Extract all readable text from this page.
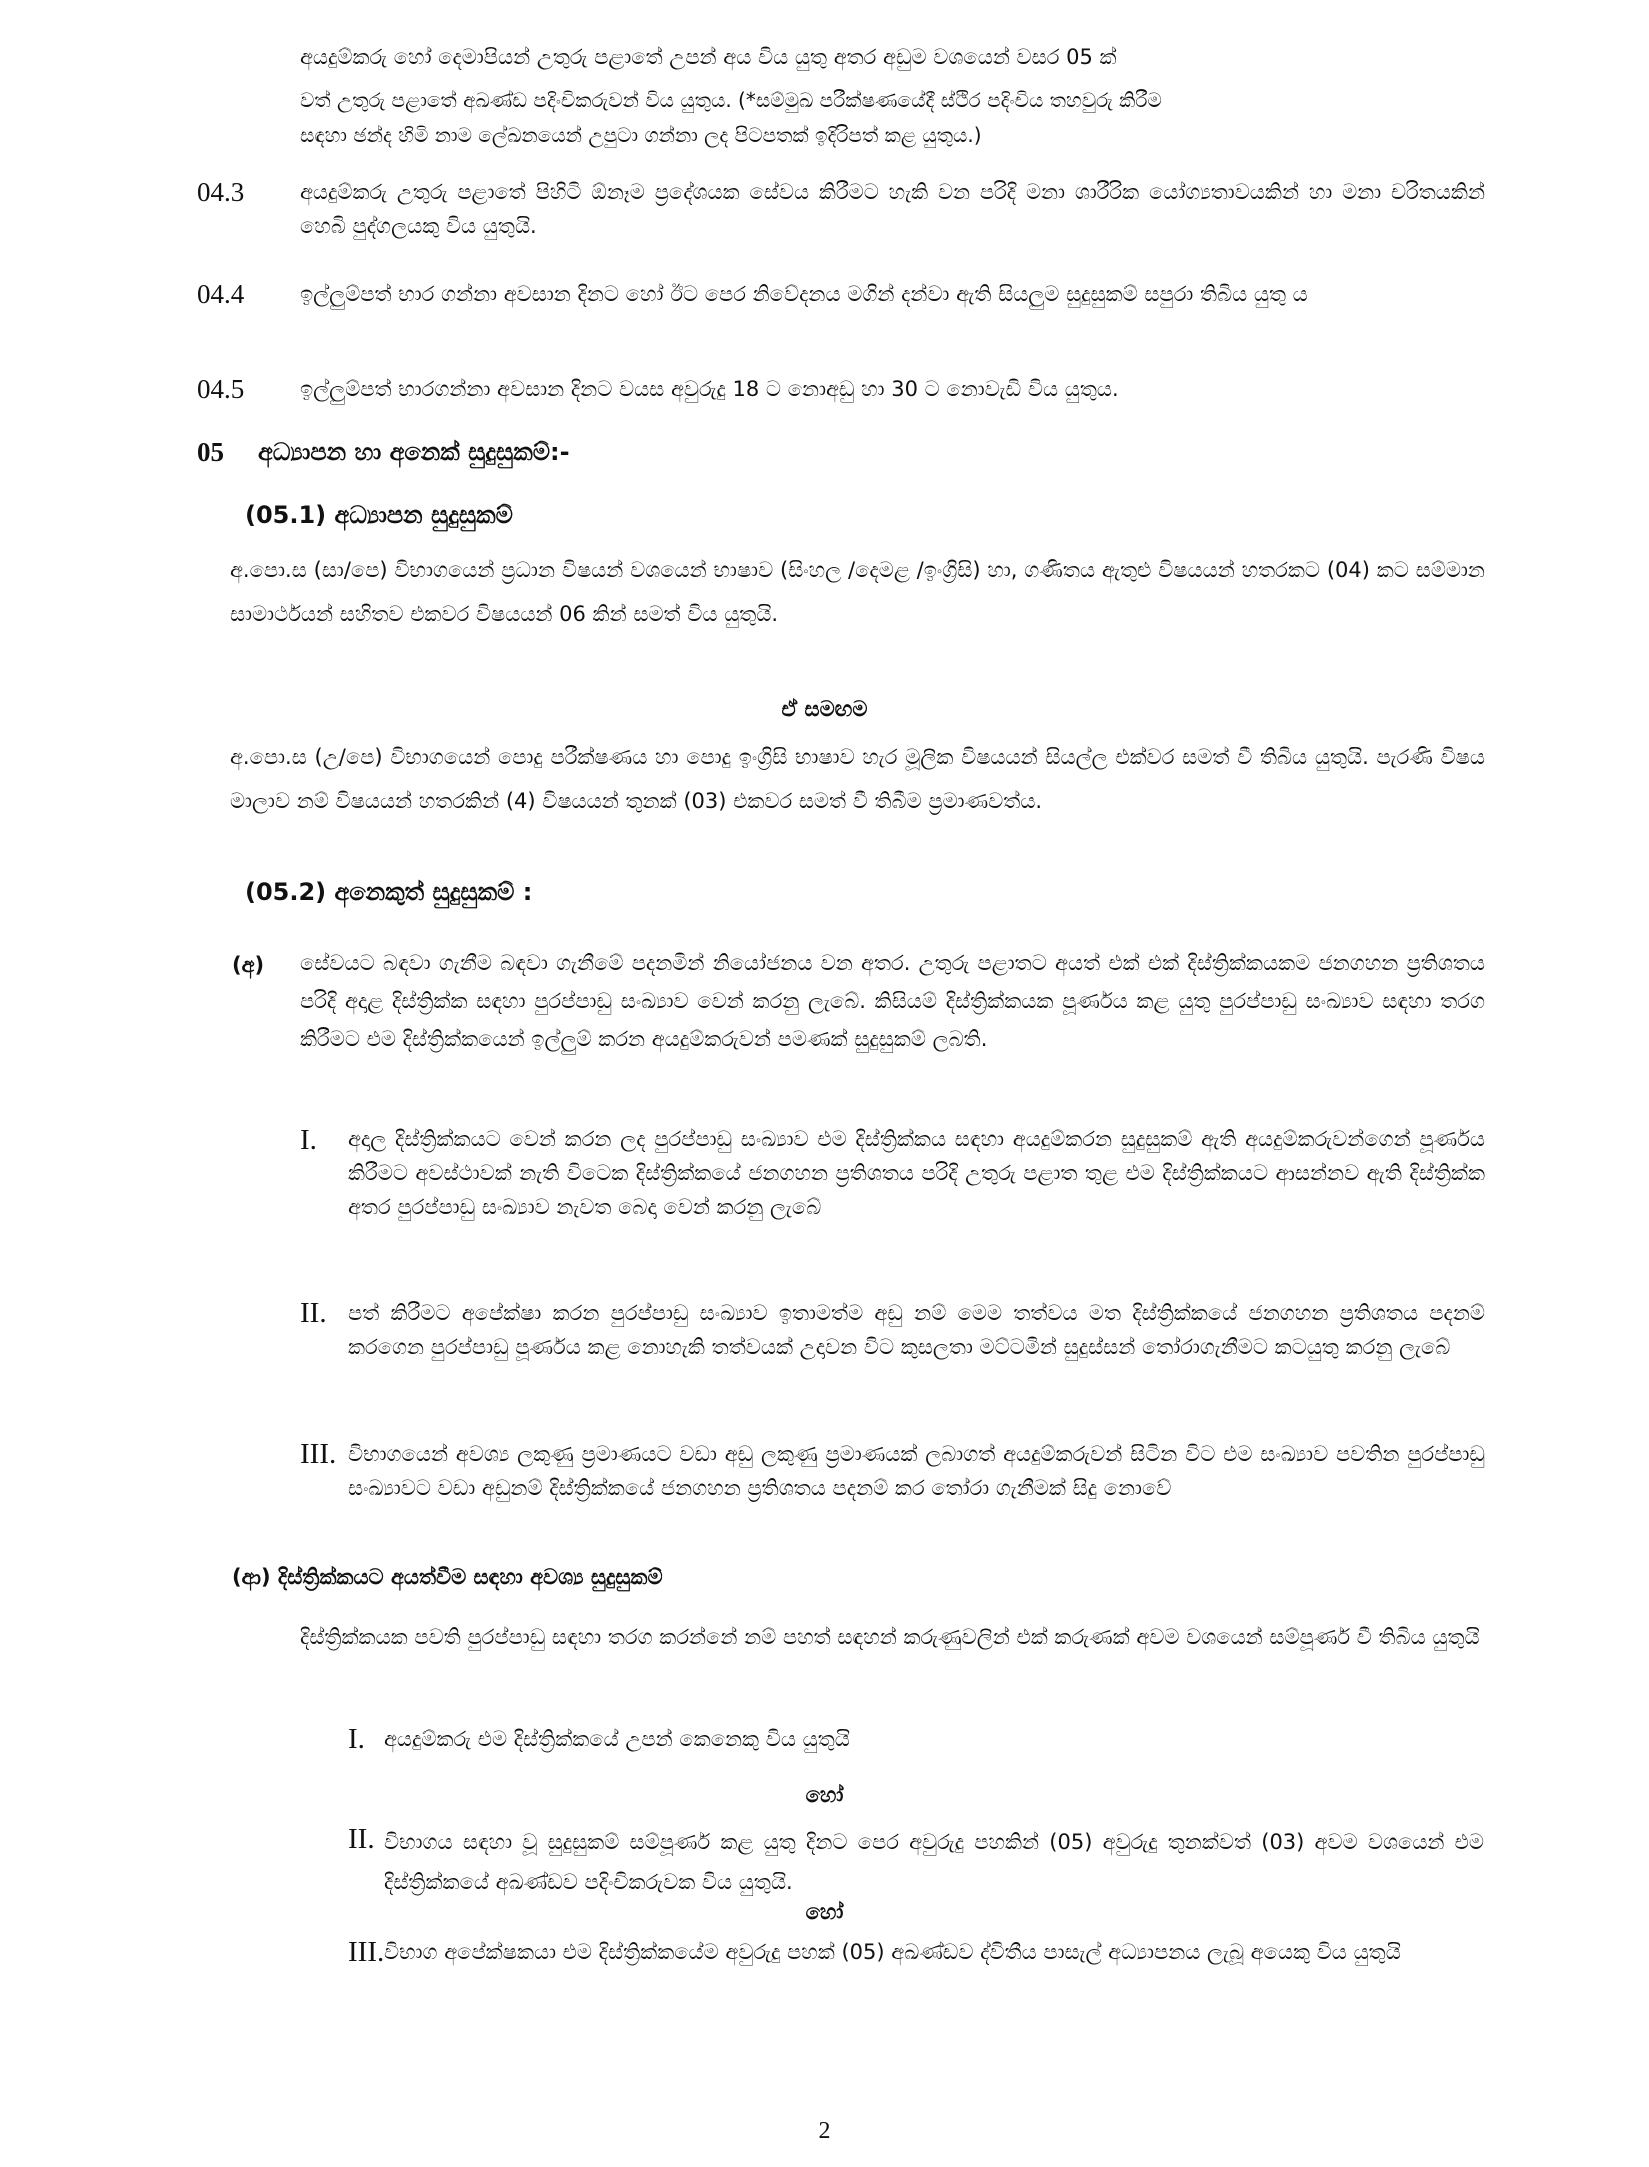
අයදුම්කරු හෝ දෙමාපියන් උතුරු පළාතේ උපන් අය විය යුතු අතර අඩුම වශයෙන් වසර 05 ක්

වත් උතුරු පළාතේ අඛණ්ඩ පදිංචිකරුවන් විය යුතුය. (*සම්මුඛ පරීක්ෂණයේදී ස්ථිර පදිංචිය තහවුරු කිරීම

සඳහා ඡන්ද හිමි නාම ලේඛනයෙන් උපුටා ගන්නා ලද පිටපතක් ඉදිරිපත් කළ යුතුය.)

04.3	අයදුම්කරු උතුරු පළාතේ පිහිටි ඕනෑම ප්‍රදේශයක සේවය කිරීමට හැකි වන පරිදි මනා ශාරීරික යෝග්‍යතාවයකින් හා මනා චරිතයකින් හෙබි පුද්ගලයකු විය යුතුයි.

04.4	ඉල්ලුම්පත් භාර ගන්නා අවසාන දිනට හෝ ඊට පෙර නිවේදනය මගින් දන්වා ඇති සියලුම සුදුසුකම් සපුරා තිබිය යුතු ය

04.5	ඉල්ලුම්පත් භාරගන්නා අවසාන දිනට වයස අවුරුදු 18 ට නොඅඩු හා 30 ට නොවැඩි විය යුතුය.

05 අධ්‍යාපන හා අනෙක් සුදුසුකම්:-
(05.1) අධ්‍යාපන සුදුසුකම්

අ.පො.ස (සා/පෙ) විභාගයෙන් ප්‍රධාන විෂයන් වශයෙන් භාෂාව (සිංහල /දෙමළ /ඉංග්‍රිසි) හා, ගණිතය ඇතුළු විෂයයන් හතරකට (04) කට සම්මාන සාමාර්ථයන් සහිතව එකවර විෂයයන් 06 කින් සමත් විය යුතුයි.

ඒ සමඟම

අ.පො.ස (උ/පෙ) විභාගයෙන් පොදු පරීක්ෂණය හා පොදු ඉංග්‍රිසි භාෂාව හැර මූලික විෂයයන් සියල්ල එක්වර සමත් වී තිබිය යුතුයි. පැරණි විෂය මාලාව නම් විෂයයන් හතරකින් (4) විෂයයන් තුනක් (03) එකවර සමත් වී තිබීම ප්‍රමාණවත්ය.

(05.2) අනෙකුත් සුදුසුකම් :
(අ) සේවයට බඳවා ගැනීම බඳවා ගැනීමේ පදනමින් නියෝජනය වන අතර. උතුරු පළාතට අයත් එක් එක් දිස්ත්‍රික්කයකම ජනගහන ප්‍රතිශතය පරිදි අදාළ දිස්ත්‍රික්ක සඳහා පුරප්පාඩු සංඛ්‍යාව වෙන් කරනු ලැබේ. කිසියම් දිස්ත්‍රික්කයක පූර්ණය කළ යුතු පුරප්පාඩු සංඛ්‍යාව සඳහා තරග කිරීමට එම දිස්ත්‍රික්කයෙන් ඉල්ලුම් කරන අයදුම්කරුවන් පමණක් සුදුසුකම් ලබති.

I. අදාල දිස්ත්‍රික්කයට වෙන් කරන ලද පුරප්පාඩු සංඛ්‍යාව එම දිස්ත්‍රික්කය සඳහා අයදුම්කරන සුදුසුකම් ඇති අයදුම්කරුවන්ගෙන් පූර්ණය කිරීමට අවස්ථාවක් නැති විටෙක දිස්ත්‍රික්කයේ ජනගහන ප්‍රතිශතය පරිදි උතුරු පළාත තුළ එම දිස්ත්‍රික්කයට ආසන්නව ඇති දිස්ත්‍රික්ක අතර පුරප්පාඩු සංඛ්‍යාව නැවත බෙදා වෙන් කරනු ලැබේ

II. පත් කිරීමට අපේක්ෂා කරන පුරප්පාඩු සංඛ්‍යාව ඉතාමත්ම අඩු නම් මෙම තත්වය මත දිස්ත්‍රික්කයේ ජනගහන ප්‍රතිශතය පදනම් කරගෙන පුරප්පාඩු පූර්ණය කළ නොහැකි තත්වයක් උදාවන විට කුසලතා මට්ටමින් සුදුස්සන් තෝරාගැනීමට කටයුතු කරනු ලැබේ

III. විභාගයෙන් අවශ්‍ය ලකුණු ප්‍රමාණයට වඩා අඩු ලකුණු ප්‍රමාණයක් ලබාගත් අයදුම්කරුවන් සිටින විට එම සංඛ්‍යාව පවතින පුරප්පාඩු සංඛ්‍යාවට වඩා අඩුනම් දිස්ත්‍රික්කයේ ජනගහන ප්‍රතිශතය පදනම් කර තෝරා ගැනීමක් සිදු නොවේ

(ආ) දිස්ත්‍රික්කයට අයත්වීම සඳහා අවශ්‍ය සුදුසුකම්

දිස්ත්‍රික්කයක පවති පුරප්පාඩු සඳහා තරග කරන්නේ නම් පහත් සඳහන් කරුණුවලින් එක් කරුණක් අවම වශයෙන් සම්පූර්ණ වී තිබිය යුතුයි

I. අයදුම්කරු එම දිස්ත්‍රික්කයේ උපන් කෙනෙකු විය යුතුයි

හෝ
II. විභාගය සඳහා වූ සුදුසුකම් සම්පූර්ණ කළ යුතු දිනට පෙර අවුරුදු පහකින් (05) අවුරුදු තුනක්වත් (03) අවම වශයෙන් එම දිස්ත්‍රික්කයේ අඛණ්ඩව පදිංචිකරුවක විය යුතුයි.

හෝ
III. විභාග අපේක්ෂකයා එම දිස්ත්‍රික්කයේම අවුරුදු පහක් (05) අඛණ්ඩව ද්විතීය පාසැල් අධ්‍යාපනය ලැබූ අයෙකු විය යුතුයි

2
